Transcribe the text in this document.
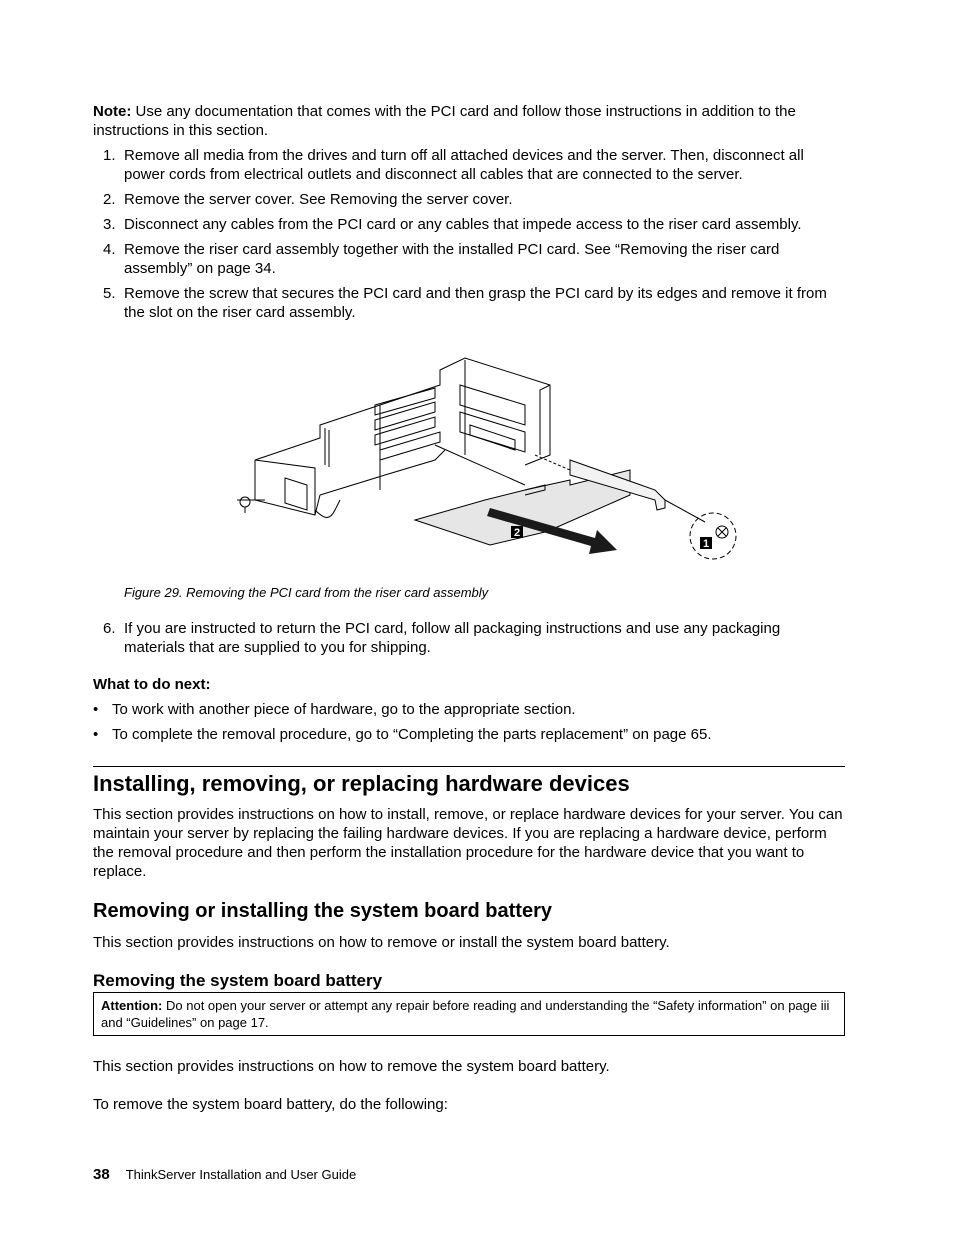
Note: Use any documentation that comes with the PCI card and follow those instructions in addition to the instructions in this section.

1. Remove all media from the drives and turn off all attached devices and the server. Then, disconnect all power cords from electrical outlets and disconnect all cables that are connected to the server.
2. Remove the server cover. See Removing the server cover.
3. Disconnect any cables from the PCI card or any cables that impede access to the riser card assembly.
4. Remove the riser card assembly together with the installed PCI card. See “Removing the riser card assembly” on page 34.
5. Remove the screw that secures the PCI card and then grasp the PCI card by its edges and remove it from the slot on the riser card assembly.
2
1
Figure 29. Removing the PCI card from the riser card assembly
6. If you are instructed to return the PCI card, follow all packaging instructions and use any packaging materials that are supplied to you for shipping.

What to do next:

• To work with another piece of hardware, go to the appropriate section.
• To complete the removal procedure, go to “Completing the parts replacement” on page 65.
Installing, removing, or replacing hardware devices

This section provides instructions on how to install, remove, or replace hardware devices for your server. You can maintain your server by replacing the failing hardware devices. If you are replacing a hardware device, perform the removal procedure and then perform the installation procedure for the hardware device that you want to replace.

Removing or installing the system board battery

This section provides instructions on how to remove or install the system board battery.

Removing the system board battery
Attention: Do not open your server or attempt any repair before reading and understanding the “Safety information” on page iii and “Guidelines” on page 17.

This section provides instructions on how to remove the system board battery.

To remove the system board battery, do the following:

38 ThinkServer Installation and User Guide
